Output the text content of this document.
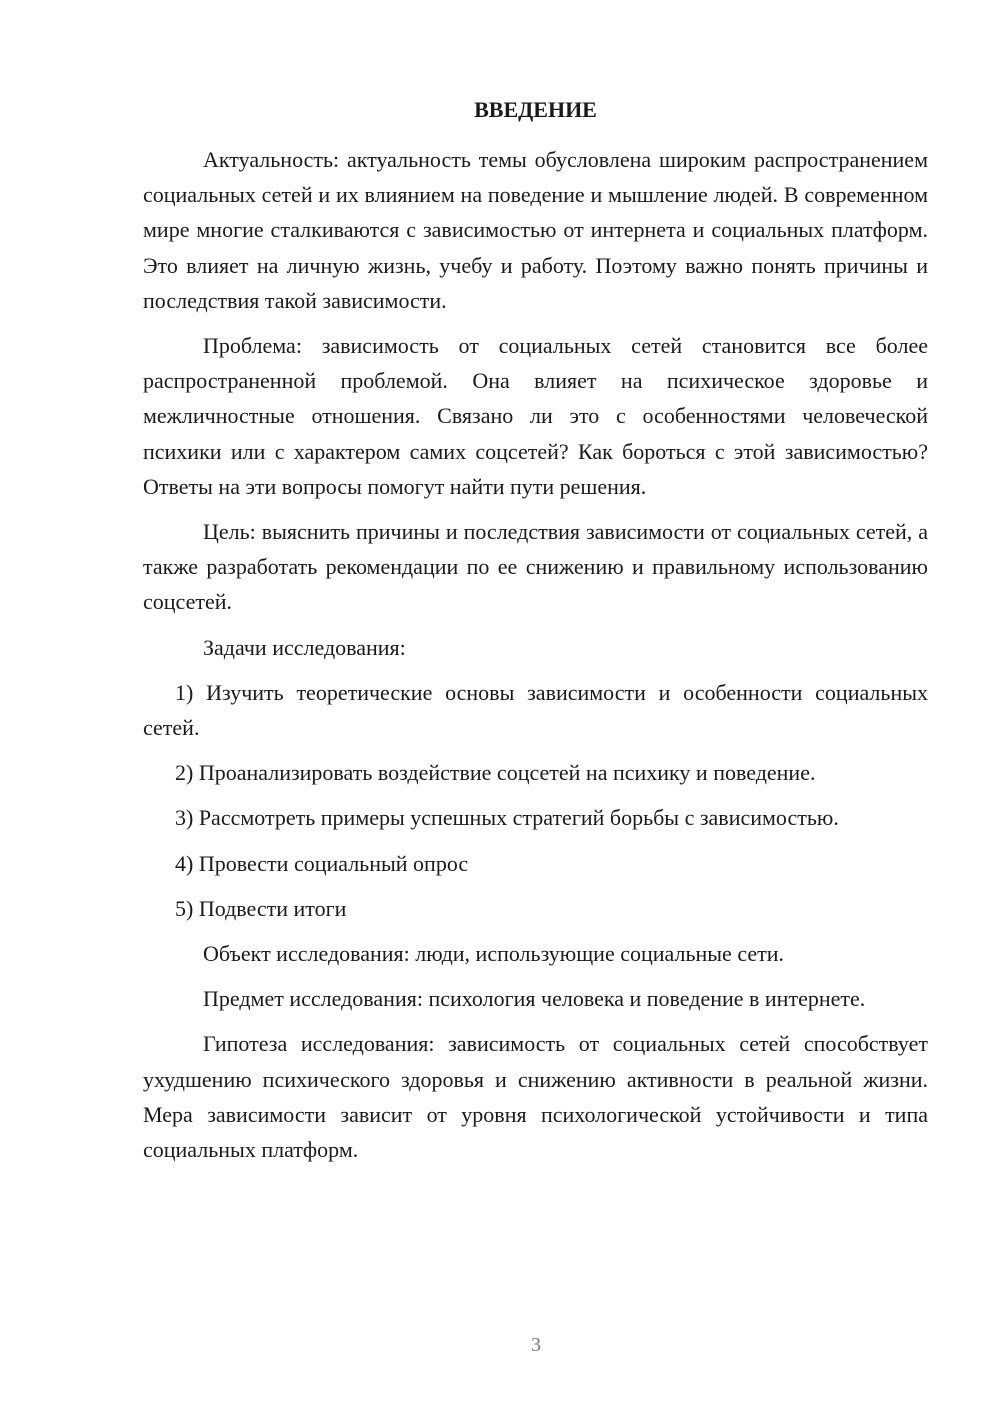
ВВЕДЕНИЕ

Актуальность: актуальность темы обусловлена широким распространением социальных сетей и их влиянием на поведение и мышление людей. В современном мире многие сталкиваются с зависимостью от интернета и социальных платформ. Это влияет на личную жизнь, учебу и работу. Поэтому важно понять причины и последствия такой зависимости.

Проблема: зависимость от социальных сетей становится все более распространенной проблемой. Она влияет на психическое здоровье и межличностные отношения. Связано ли это с особенностями человеческой психики или с характером самих соцсетей? Как бороться с этой зависимостью? Ответы на эти вопросы помогут найти пути решения.

Цель: выяснить причины и последствия зависимости от социальных сетей, а также разработать рекомендации по ее снижению и правильному использованию соцсетей.

Задачи исследования:

1) Изучить теоретические основы зависимости и особенности социальных сетей.

2) Проанализировать воздействие соцсетей на психику и поведение.

3) Рассмотреть примеры успешных стратегий борьбы с зависимостью.

4) Провести социальный опрос

5) Подвести итоги

Объект исследования: люди, использующие социальные сети.

Предмет исследования: психология человека и поведение в интернете.

Гипотеза исследования: зависимость от социальных сетей способствует ухудшению психического здоровья и снижению активности в реальной жизни. Мера зависимости зависит от уровня психологической устойчивости и типа социальных платформ.

3
